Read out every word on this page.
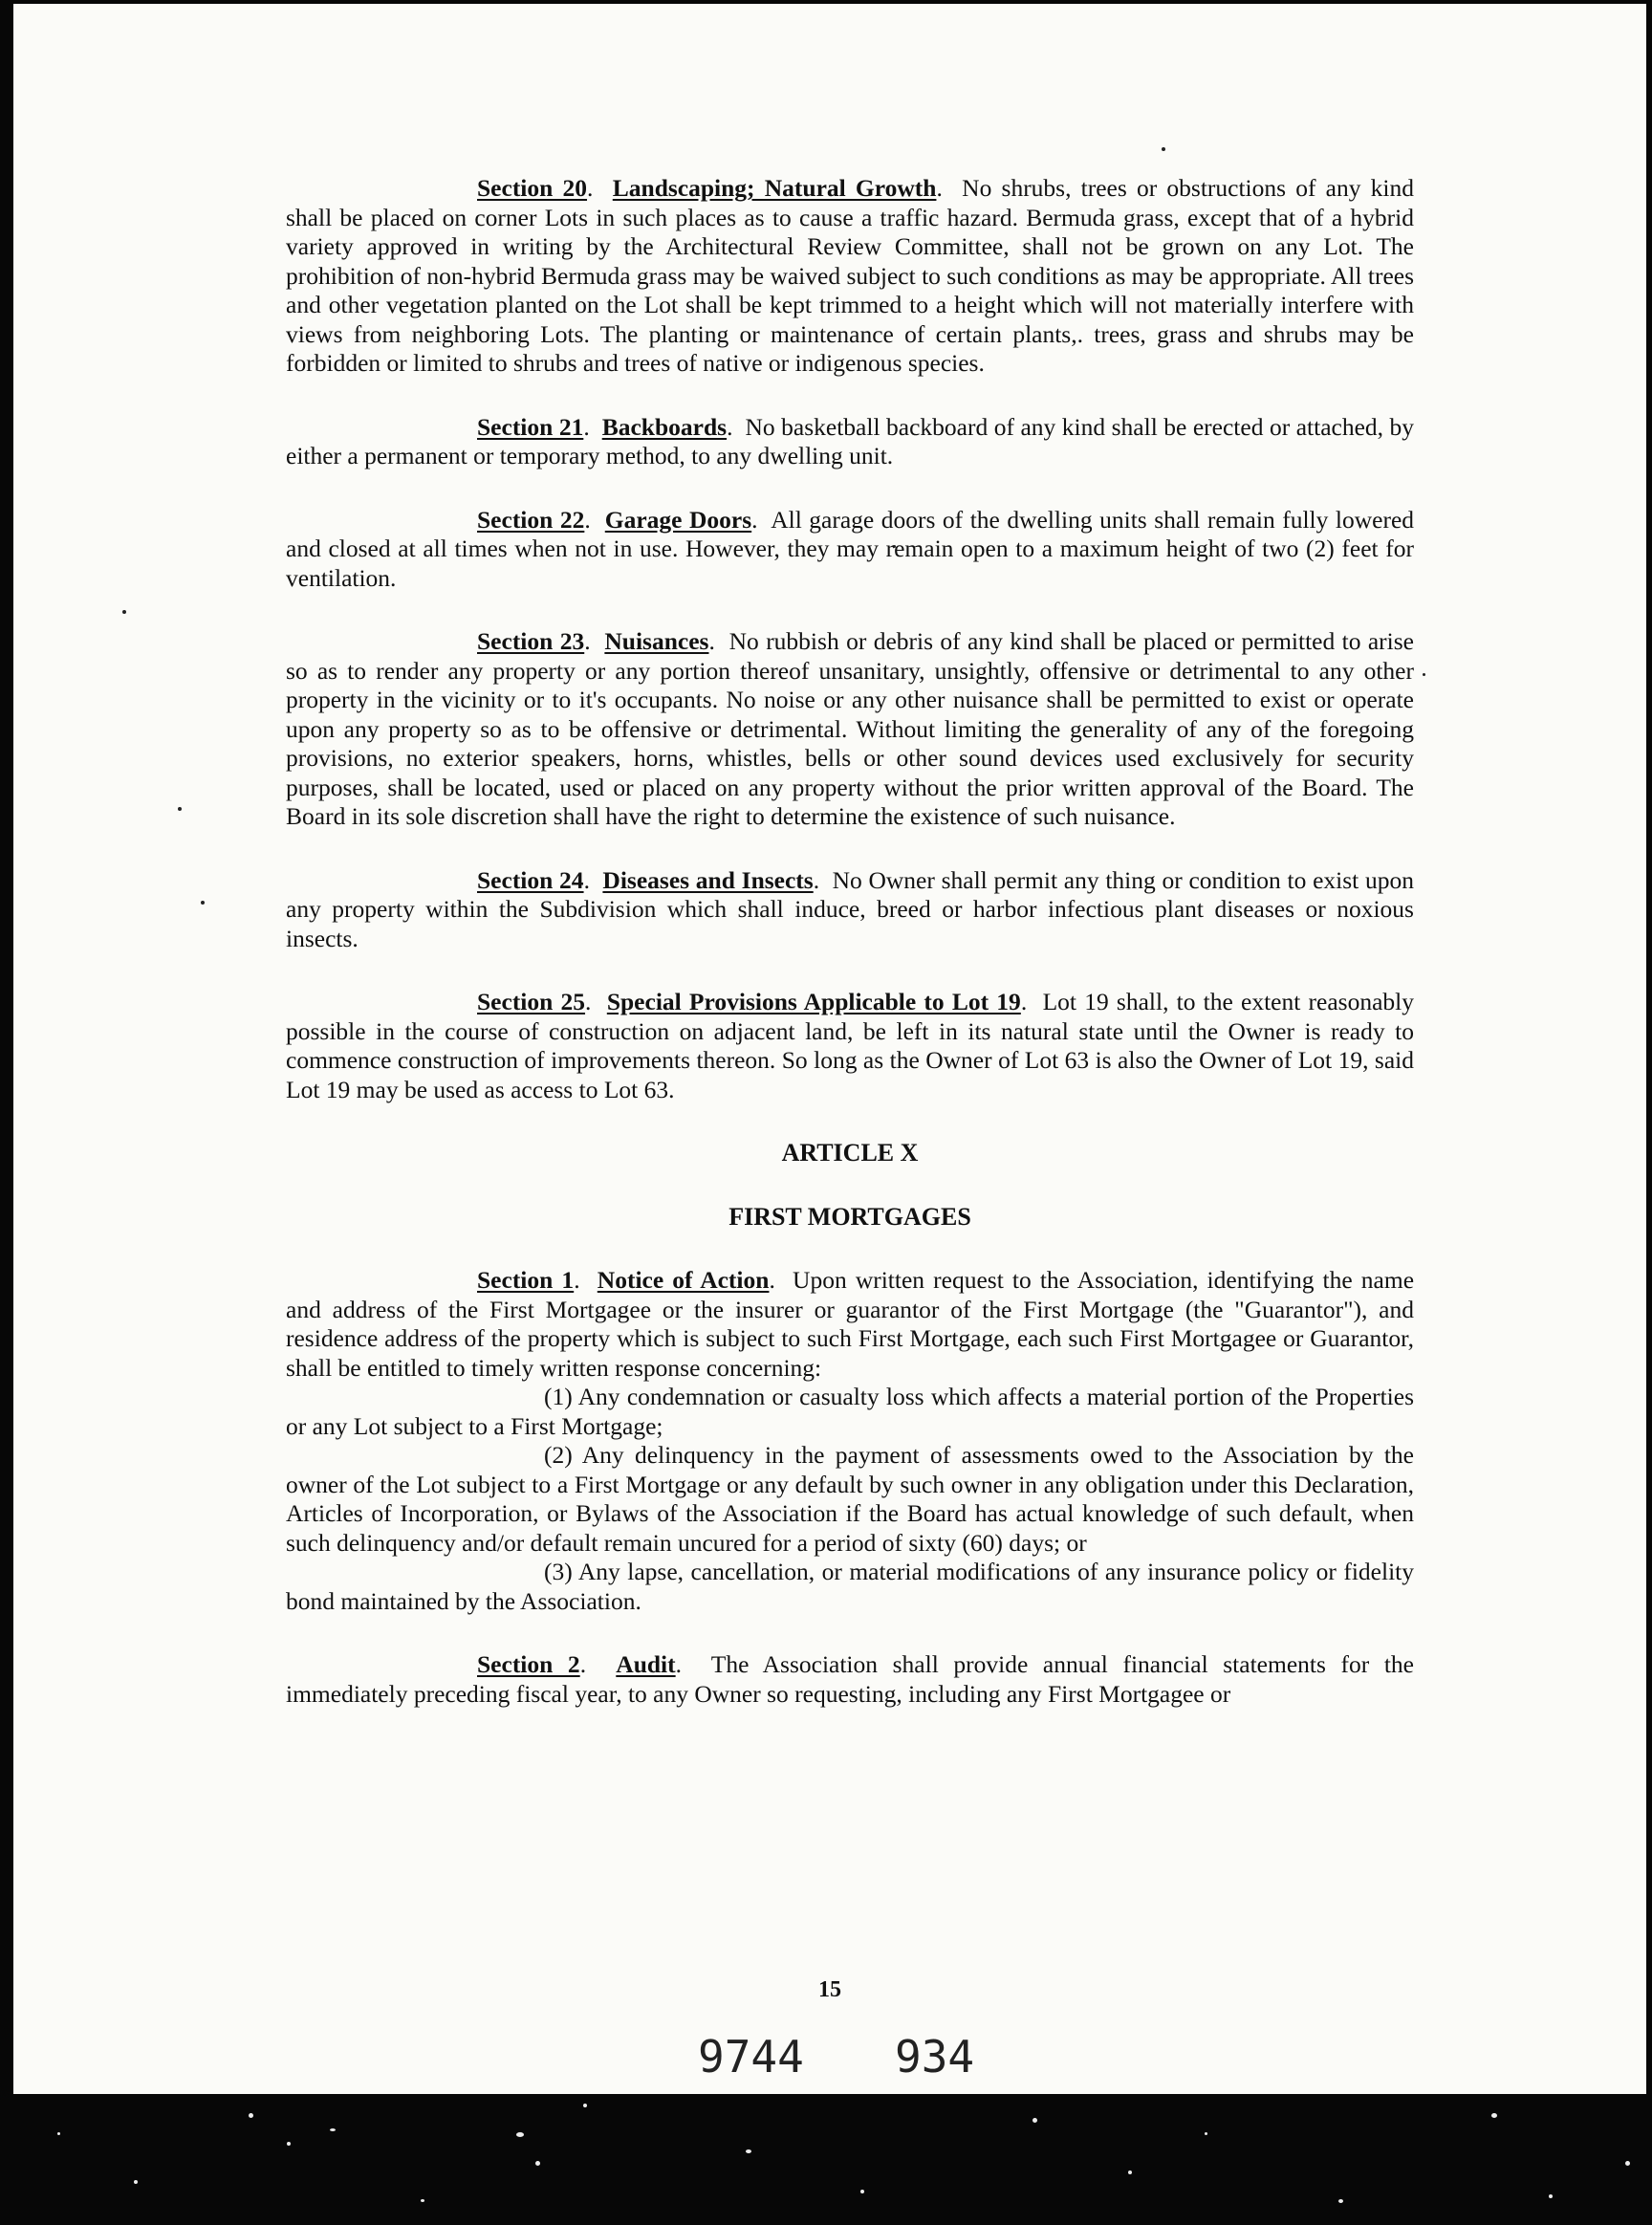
Section 20.  Landscaping; Natural Growth.  No shrubs, trees or obstructions of any kind shall be placed on corner Lots in such places as to cause a traffic hazard. Bermuda grass, except that of a hybrid variety approved in writing by the Architectural Review Committee, shall not be grown on any Lot. The prohibition of non-hybrid Bermuda grass may be waived subject to such conditions as may be appropriate. All trees and other vegetation planted on the Lot shall be kept trimmed to a height which will not materially interfere with views from neighboring Lots. The planting or maintenance of certain plants,. trees, grass and shrubs may be forbidden or limited to shrubs and trees of native or indigenous species.

Section 21.  Backboards.  No basketball backboard of any kind shall be erected or attached, by either a permanent or temporary method, to any dwelling unit.

Section 22.  Garage Doors.  All garage doors of the dwelling units shall remain fully lowered and closed at all times when not in use. However, they may remain open to a maximum height of two (2) feet for ventilation.

Section 23.  Nuisances.  No rubbish or debris of any kind shall be placed or permitted to arise so as to render any property or any portion thereof unsanitary, unsightly, offensive or detrimental to any other property in the vicinity or to it's occupants. No noise or any other nuisance shall be permitted to exist or operate upon any property so as to be offensive or detrimental. Without limiting the generality of any of the foregoing provisions, no exterior speakers, horns, whistles, bells or other sound devices used exclusively for security purposes, shall be located, used or placed on any property without the prior written approval of the Board. The Board in its sole discretion shall have the right to determine the existence of such nuisance.

Section 24.  Diseases and Insects.  No Owner shall permit any thing or condition to exist upon any property within the Subdivision which shall induce, breed or harbor infectious plant diseases or noxious insects.

Section 25.  Special Provisions Applicable to Lot 19.  Lot 19 shall, to the extent reasonably possible in the course of construction on adjacent land, be left in its natural state until the Owner is ready to commence construction of improvements thereon. So long as the Owner of Lot 63 is also the Owner of Lot 19, said Lot 19 may be used as access to Lot 63.

ARTICLE X
FIRST MORTGAGES

Section 1.  Notice of Action.  Upon written request to the Association, identifying the name and address of the First Mortgagee or the insurer or guarantor of the First Mortgage (the "Guarantor"), and residence address of the property which is subject to such First Mortgage, each such First Mortgagee or Guarantor, shall be entitled to timely written response concerning:

(1) Any condemnation or casualty loss which affects a material portion of the Properties or any Lot subject to a First Mortgage;

(2) Any delinquency in the payment of assessments owed to the Association by the owner of the Lot subject to a First Mortgage or any default by such owner in any obligation under this Declaration, Articles of Incorporation, or Bylaws of the Association if the Board has actual knowledge of such default, when such delinquency and/or default remain uncured for a period of sixty (60) days; or

(3) Any lapse, cancellation, or material modifications of any insurance policy or fidelity bond maintained by the Association.

Section 2.  Audit.  The Association shall provide annual financial statements for the immediately preceding fiscal year, to any Owner so requesting, including any First Mortgagee or

15
9744 934
